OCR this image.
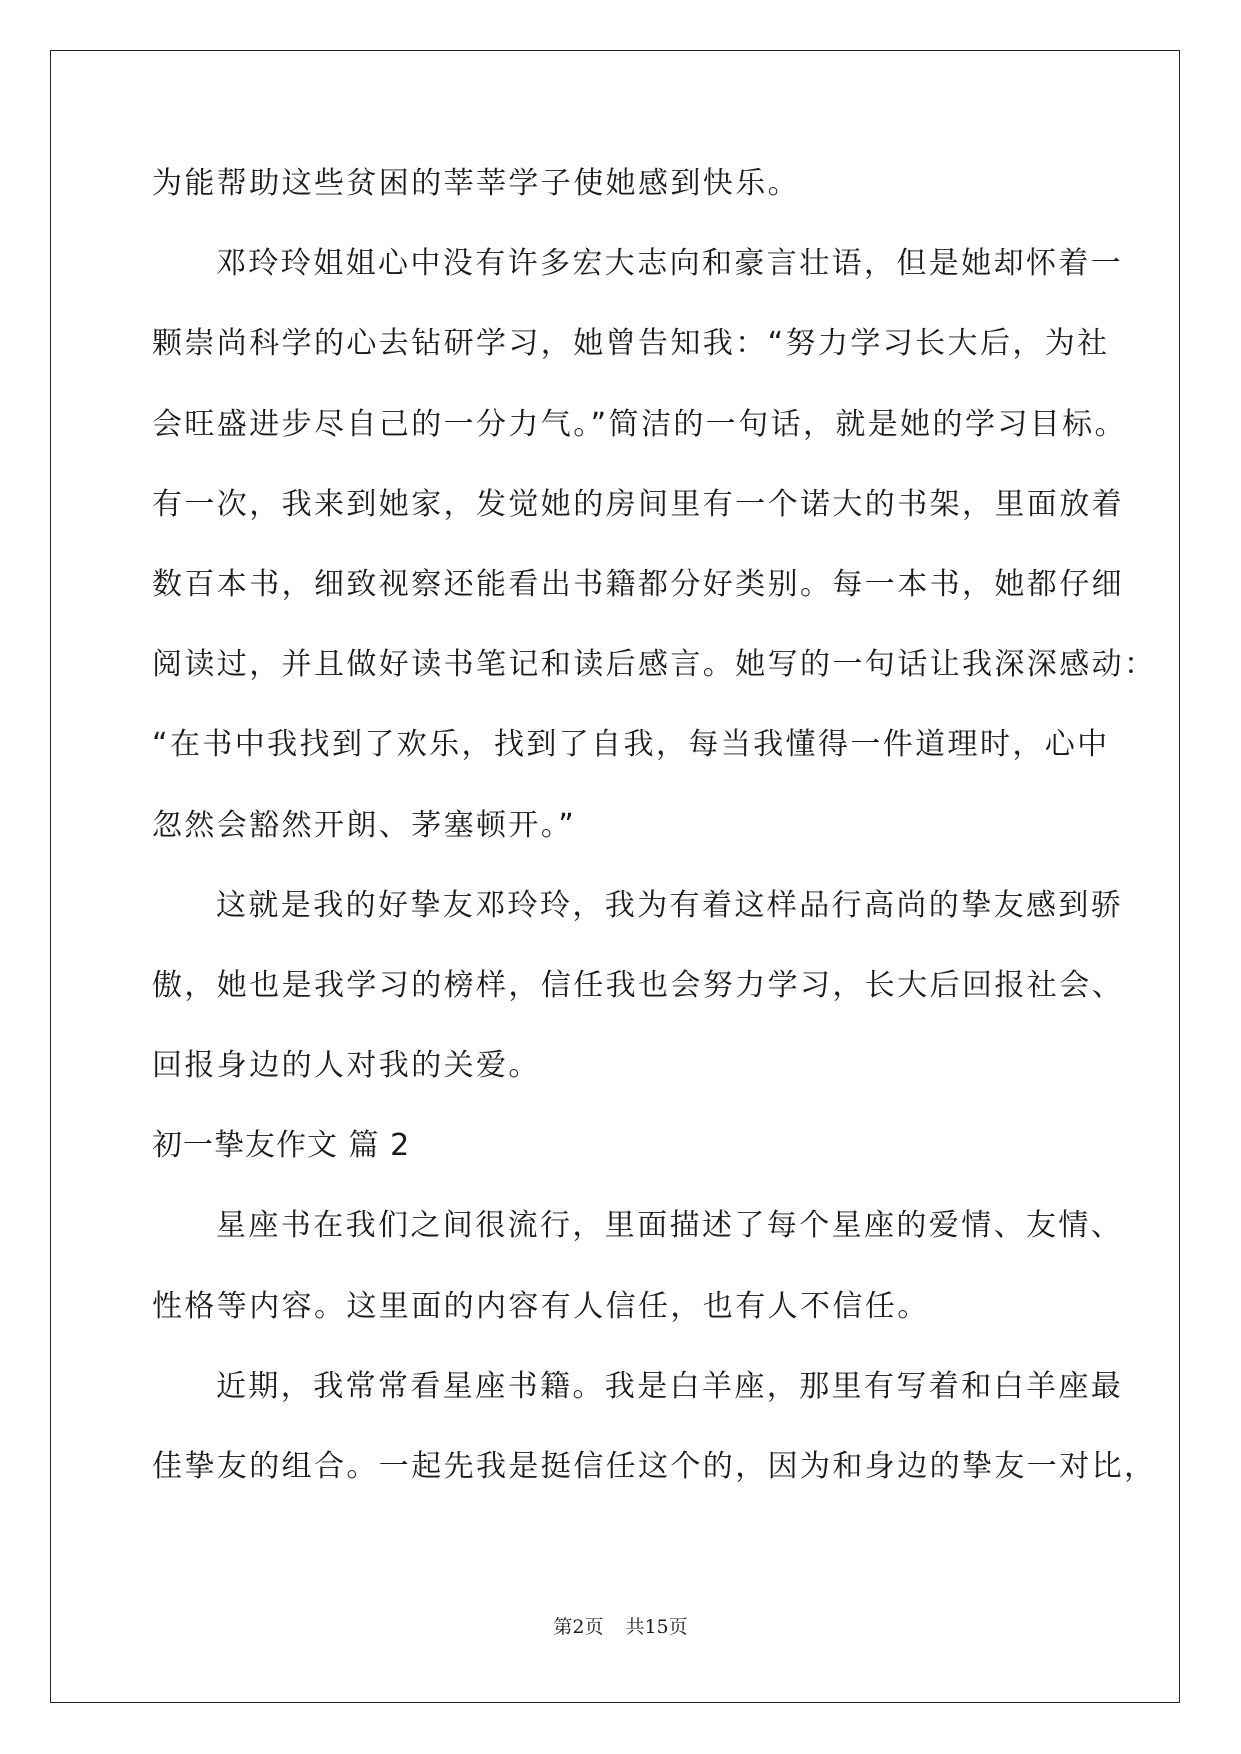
为能帮助这些贫困的莘莘学子使她感到快乐。
邓玲玲姐姐心中没有许多宏大志向和豪言壮语，但是她却怀着一
颗崇尚科学的心去钻研学习，她曾告知我：“努力学习长大后，为社
会旺盛进步尽自己的一分力气。”简洁的一句话，就是她的学习目标。
有一次，我来到她家，发觉她的房间里有一个诺大的书架，里面放着
数百本书，细致视察还能看出书籍都分好类别。每一本书，她都仔细
阅读过，并且做好读书笔记和读后感言。她写的一句话让我深深感动：
“在书中我找到了欢乐，找到了自我，每当我懂得一件道理时，心中
忽然会豁然开朗、茅塞顿开。”
这就是我的好挚友邓玲玲，我为有着这样品行高尚的挚友感到骄
傲，她也是我学习的榜样，信任我也会努力学习，长大后回报社会、
回报身边的人对我的关爱。
初一挚友作文 篇 2
星座书在我们之间很流行，里面描述了每个星座的爱情、友情、
性格等内容。这里面的内容有人信任，也有人不信任。
近期，我常常看星座书籍。我是白羊座，那里有写着和白羊座最
佳挚友的组合。一起先我是挺信任这个的，因为和身边的挚友一对比，
第2页 共15页
